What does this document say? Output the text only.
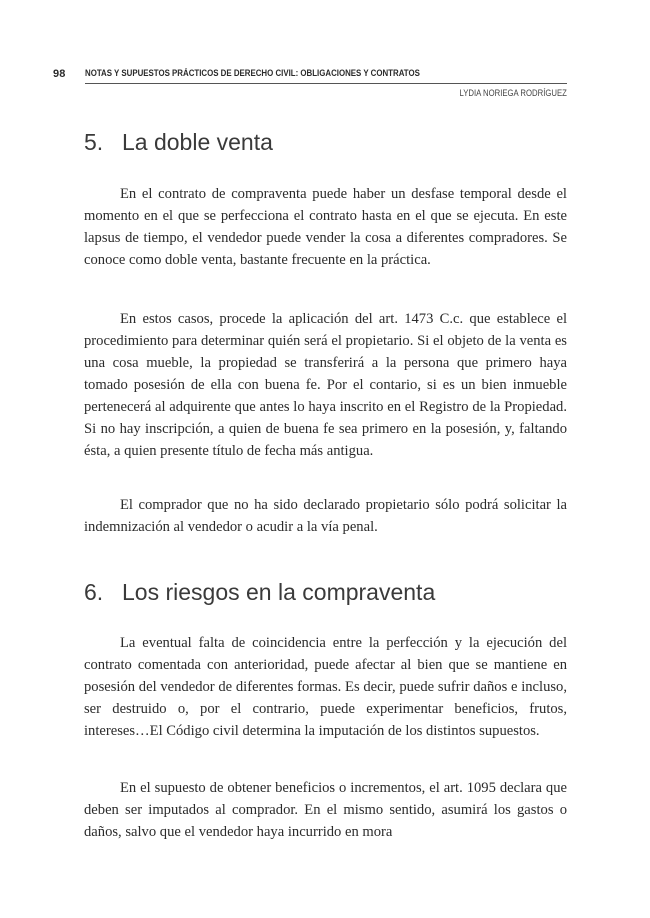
98 NOTAS Y SUPUESTOS PRÁCTICOS DE DERECHO CIVIL: OBLIGACIONES Y CONTRATOS
LYDIA NORIEGA RODRÍGUEZ
5. La doble venta

En el contrato de compraventa puede haber un desfase temporal desde el momento en el que se perfecciona el contrato hasta en el que se ejecuta. En este lapsus de tiempo, el vendedor puede vender la cosa a diferentes compradores. Se conoce como doble venta, bastante frecuente en la práctica.

En estos casos, procede la aplicación del art. 1473 C.c. que establece el procedimiento para determinar quién será el propietario. Si el objeto de la venta es una cosa mueble, la propiedad se transferirá a la persona que primero haya tomado posesión de ella con buena fe. Por el contario, si es un bien inmueble pertenecerá al adquirente que antes lo haya inscrito en el Registro de la Propiedad. Si no hay inscripción, a quien de buena fe sea primero en la posesión, y, faltando ésta, a quien presente título de fecha más antigua.

El comprador que no ha sido declarado propietario sólo podrá solicitar la indemnización al vendedor o acudir a la vía penal.

6. Los riesgos en la compraventa

La eventual falta de coincidencia entre la perfección y la ejecución del contrato comentada con anterioridad, puede afectar al bien que se mantiene en posesión del vendedor de diferentes formas. Es decir, puede sufrir daños e incluso, ser destruido o, por el contrario, puede experimentar beneficios, frutos, intereses…El Código civil determina la imputación de los distintos supuestos.

En el supuesto de obtener beneficios o incrementos, el art. 1095 declara que deben ser imputados al comprador. En el mismo sentido, asumirá los gastos o daños, salvo que el vendedor haya incurrido en mora
